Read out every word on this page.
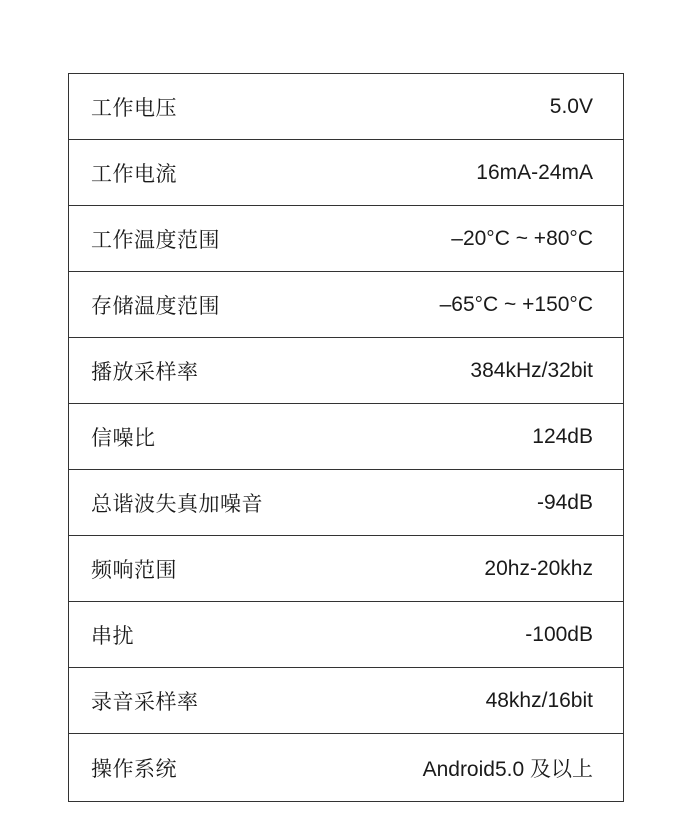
工作电压	5.0V
工作电流	16mA-24mA
工作温度范围	–20°C ~ +80°C
存储温度范围	–65°C ~ +150°C
播放采样率	384kHz/32bit
信噪比	124dB
总谐波失真加噪音	-94dB
频响范围	20hz-20khz
串扰	-100dB
录音采样率	48khz/16bit
操作系统	Android5.0 及以上
